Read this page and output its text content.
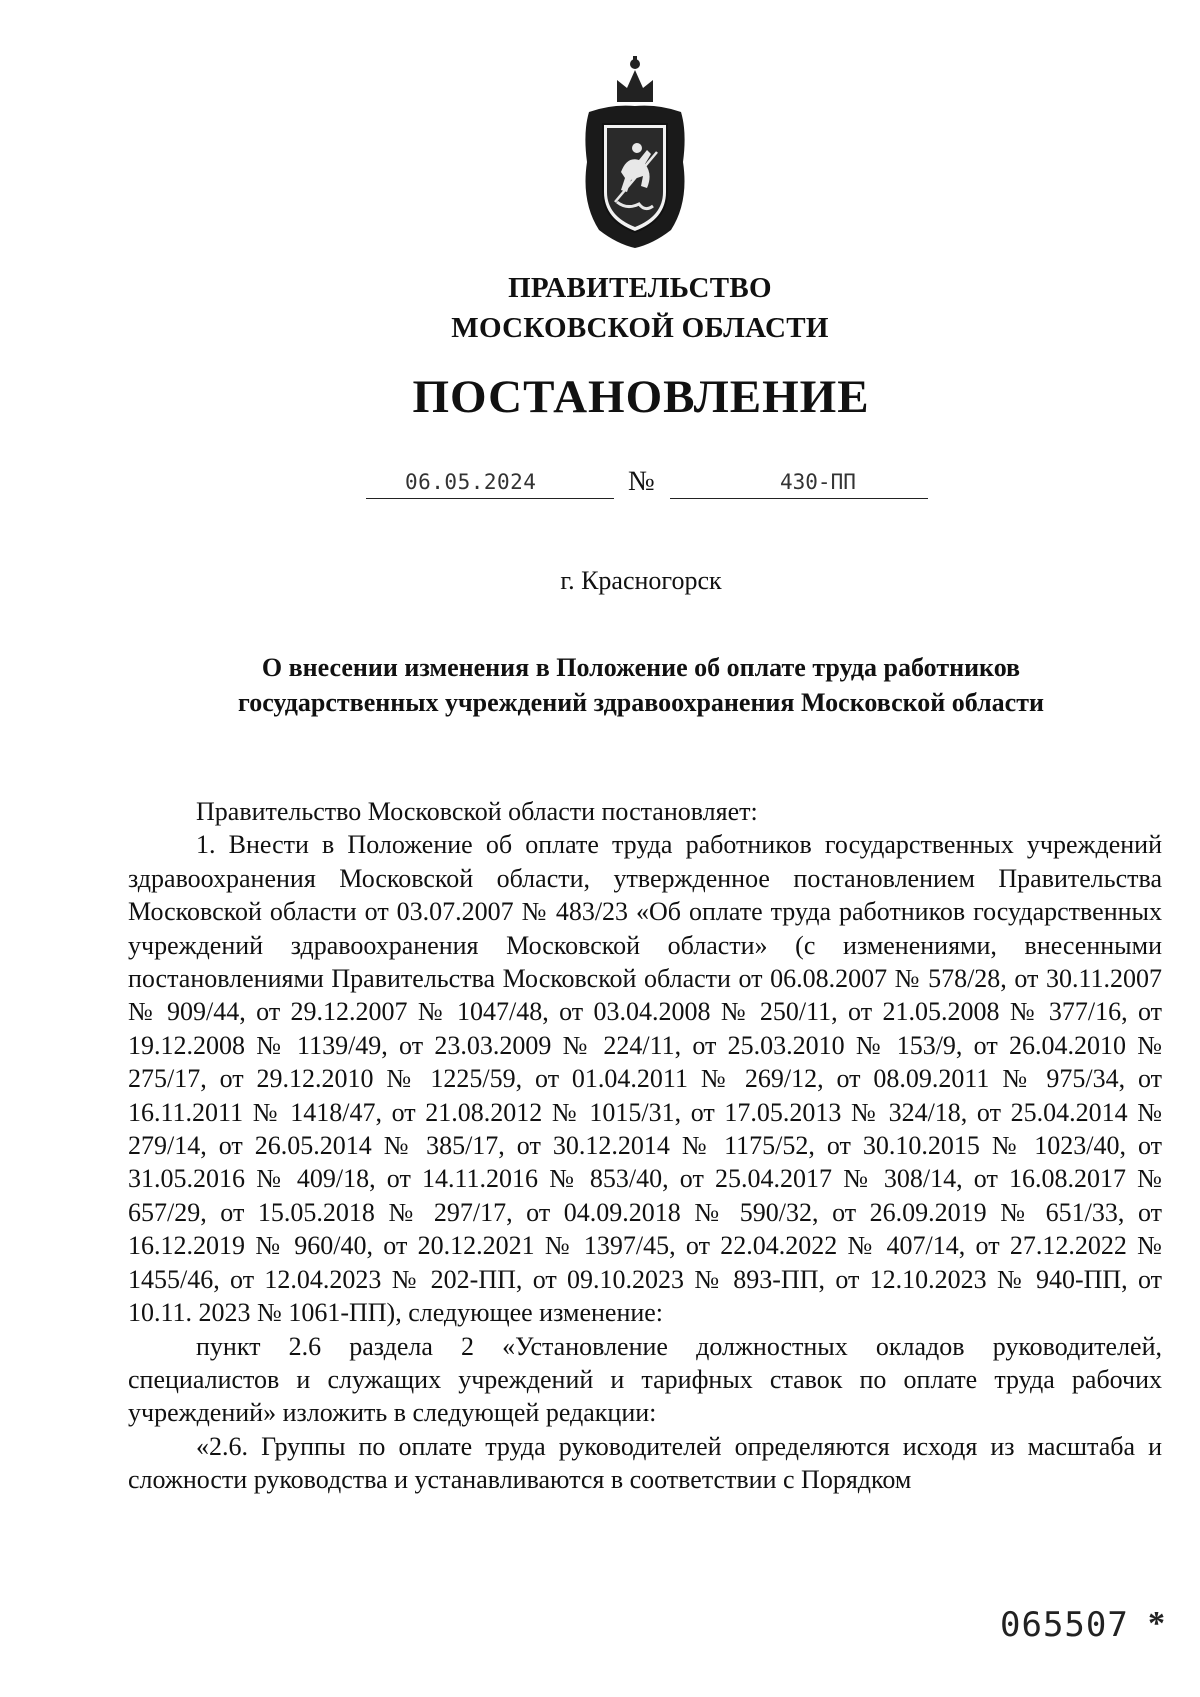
ПРАВИТЕЛЬСТВО
МОСКОВСКОЙ ОБЛАСТИ
ПОСТАНОВЛЕНИЕ
06.05.2024	№	430-ПП
г. Красногорск
О внесении изменения в Положение об оплате труда работников
государственных учреждений здравоохранения Московской области

Правительство Московской области постановляет:

1. Внести в Положение об оплате труда работников государственных учреждений здравоохранения Московской области, утвержденное постановлением Правительства Московской области от 03.07.2007 № 483/23 «Об оплате труда работников государственных учреждений здравоохранения Московской области» (с изменениями, внесенными постановлениями Правительства Московской области от 06.08.2007 № 578/28, от 30.11.2007 № 909/44, от 29.12.2007 № 1047/48, от 03.04.2008 № 250/11, от 21.05.2008 № 377/16, от 19.12.2008 № 1139/49, от 23.03.2009 № 224/11, от 25.03.2010 № 153/9, от 26.04.2010 № 275/17, от 29.12.2010 № 1225/59, от 01.04.2011 № 269/12, от 08.09.2011 № 975/34, от 16.11.2011 № 1418/47, от 21.08.2012 № 1015/31, от 17.05.2013 № 324/18, от 25.04.2014 № 279/14, от 26.05.2014 № 385/17, от 30.12.2014 № 1175/52, от 30.10.2015 № 1023/40, от 31.05.2016 № 409/18, от 14.11.2016 № 853/40, от 25.04.2017 № 308/14, от 16.08.2017 № 657/29, от 15.05.2018 № 297/17, от 04.09.2018 № 590/32, от 26.09.2019 № 651/33, от 16.12.2019 № 960/40, от 20.12.2021 № 1397/45, от 22.04.2022 № 407/14, от 27.12.2022 № 1455/46, от 12.04.2023 № 202-ПП, от 09.10.2023 № 893-ПП, от 12.10.2023 № 940-ПП, от 10.11. 2023 № 1061-ПП), следующее изменение:

пункт 2.6 раздела 2 «Установление должностных окладов руководителей, специалистов и служащих учреждений и тарифных ставок по оплате труда рабочих учреждений» изложить в следующей редакции:

«2.6. Группы по оплате труда руководителей определяются исходя из масштаба и сложности руководства и устанавливаются в соответствии с Порядком

065507 *
